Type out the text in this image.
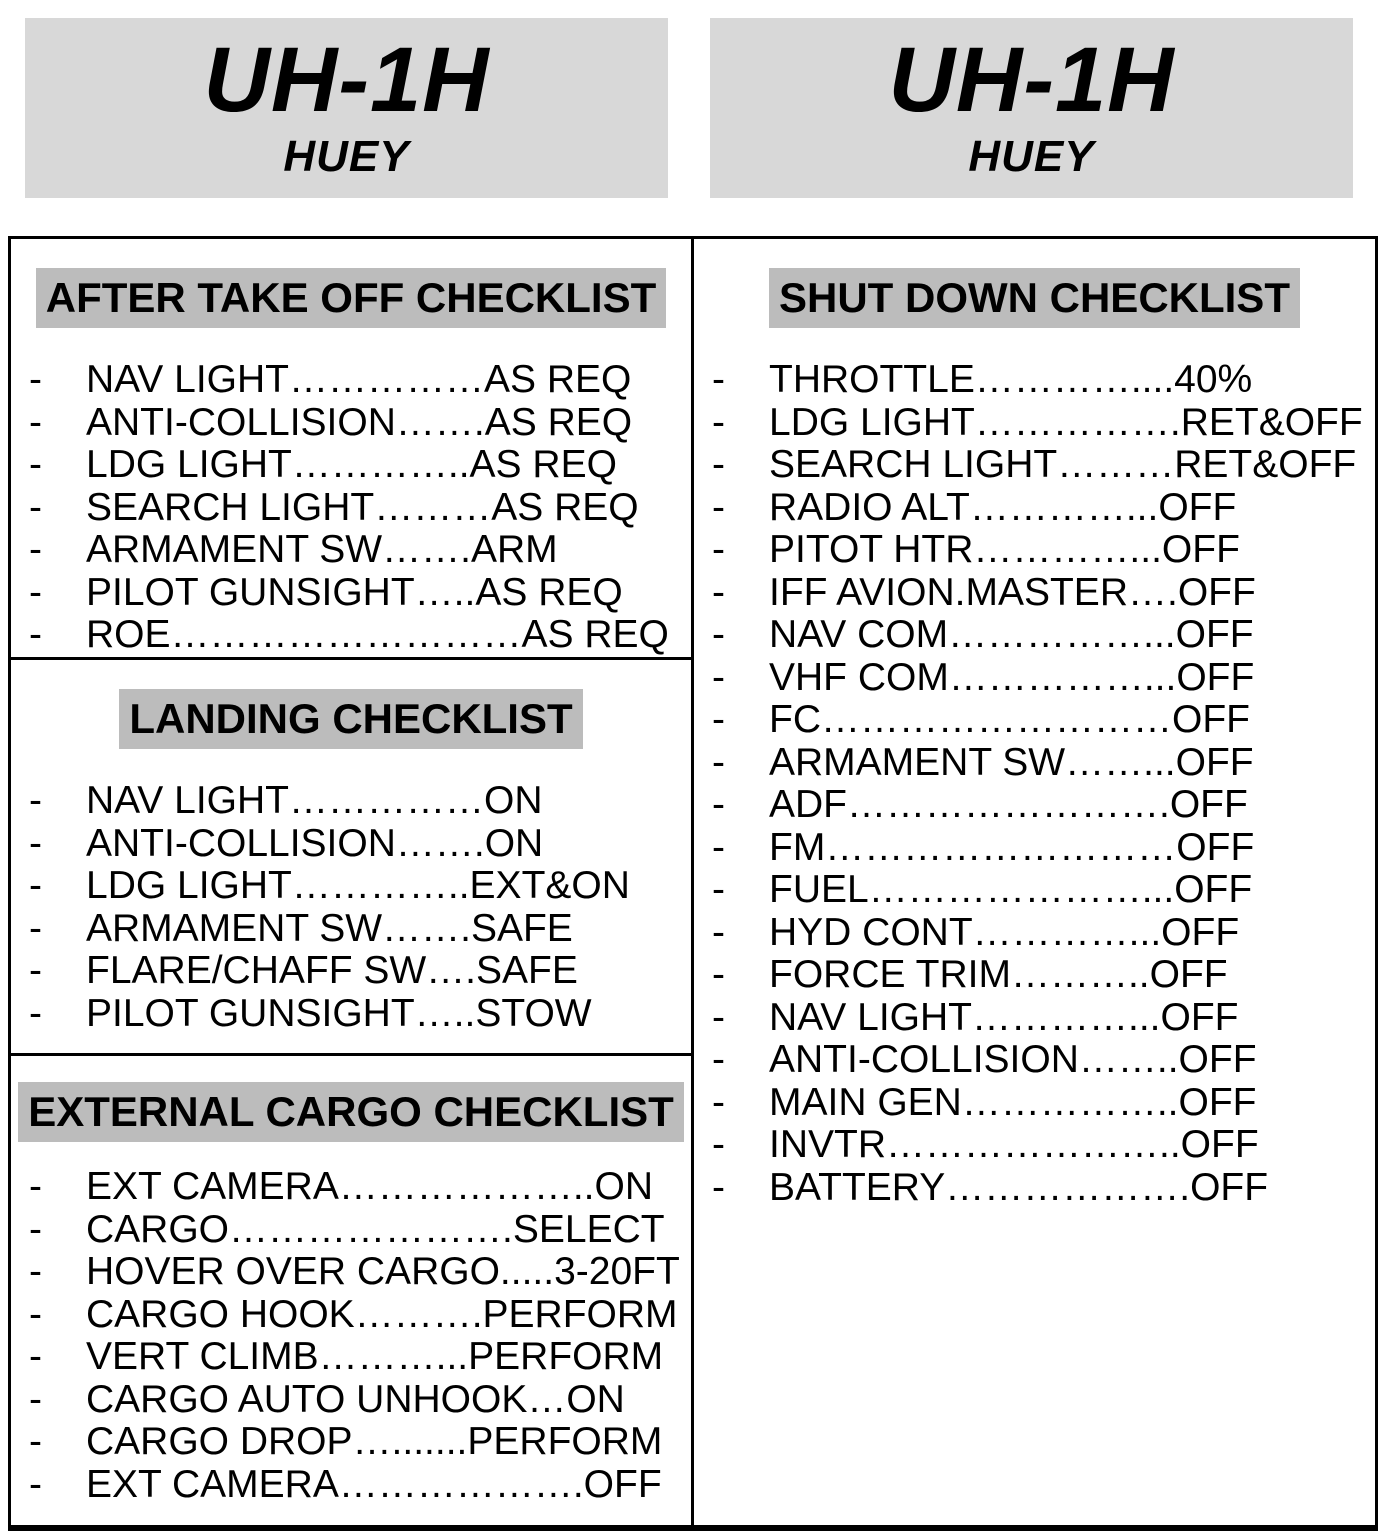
UH-1H
HUEY
UH-1H
HUEY
AFTER TAKE OFF CHECKLIST
-	NAV LIGHT……………AS REQ
-	ANTI-COLLISION…….AS REQ
-	LDG LIGHT…………..AS REQ
-	SEARCH LIGHT………AS REQ
-	ARMAMENT SW…….ARM
-	PILOT GUNSIGHT…..AS REQ
-	ROE………………………AS REQ
LANDING CHECKLIST
-	NAV LIGHT……………ON
-	ANTI-COLLISION…….ON
-	LDG LIGHT…………..EXT&ON
-	ARMAMENT SW…….SAFE
-	FLARE/CHAFF SW….SAFE
-	PILOT GUNSIGHT…..STOW
EXTERNAL CARGO CHECKLIST
-	EXT CAMERA………………..ON
-	CARGO………………….SELECT
-	HOVER OVER CARGO.....3-20FT
-	CARGO HOOK……….PERFORM
-	VERT CLIMB………...PERFORM
-	CARGO AUTO UNHOOK…ON
-	CARGO DROP….......PERFORM
-	EXT CAMERA……………….OFF
SHUT DOWN CHECKLIST
-	THROTTLE…………....40%
-	LDG LIGHT…………….RET&OFF
-	SEARCH LIGHT………RET&OFF
-	RADIO ALT…………...OFF
-	PITOT HTR…………...OFF
-	IFF AVION.MASTER….OFF
-	NAV COM……………...OFF
-	VHF COM……………...OFF
-	FC………………………OFF
-	ARMAMENT SW……...OFF
-	ADF…………………….OFF
-	FM………………………OFF
-	FUEL…………………...OFF
-	HYD CONT…………...OFF
-	FORCE TRIM………..OFF
-	NAV LIGHT…………...OFF
-	ANTI-COLLISION……..OFF
-	MAIN GEN……………..OFF
-	INVTR…………………..OFF
-	BATTERY……………….OFF
